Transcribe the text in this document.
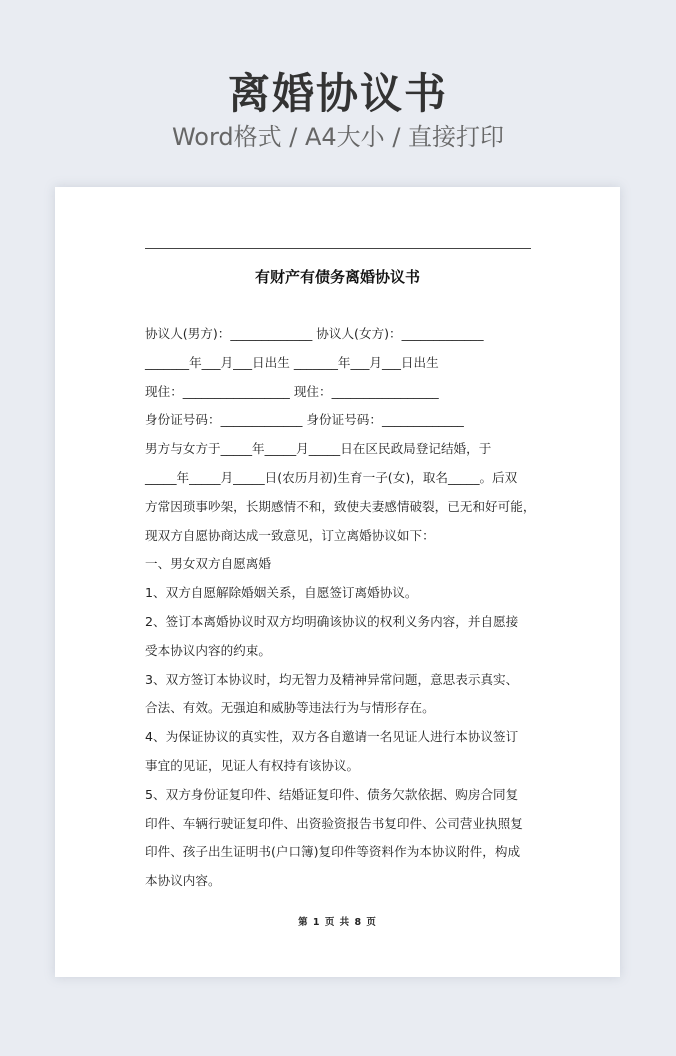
离婚协议书
Word格式 / A4大小 / 直接打印
有财产有债务离婚协议书
协议人(男方)：_____________ 协议人(女方)：_____________
_______年___月___日出生 _______年___月___日出生
现住：_________________ 现住：_________________
身份证号码：_____________ 身份证号码：_____________
男方与女方于_____年_____月_____日在区民政局登记结婚，于
_____年_____月_____日(农历月初)生育一子(女)，取名_____。后双
方常因琐事吵架，长期感情不和，致使夫妻感情破裂，已无和好可能，
现双方自愿协商达成一致意见，订立离婚协议如下：
一、男女双方自愿离婚
1、双方自愿解除婚姻关系，自愿签订离婚协议。
2、签订本离婚协议时双方均明确该协议的权利义务内容，并自愿接
受本协议内容的约束。
3、双方签订本协议时，均无智力及精神异常问题，意思表示真实、
合法、有效。无强迫和威胁等违法行为与情形存在。
4、为保证协议的真实性，双方各自邀请一名见证人进行本协议签订
事宜的见证，见证人有权持有该协议。
5、双方身份证复印件、结婚证复印件、债务欠款依据、购房合同复
印件、车辆行驶证复印件、出资验资报告书复印件、公司营业执照复
印件、孩子出生证明书(户口簿)复印件等资料作为本协议附件，构成
本协议内容。
第 1 页 共 8 页
